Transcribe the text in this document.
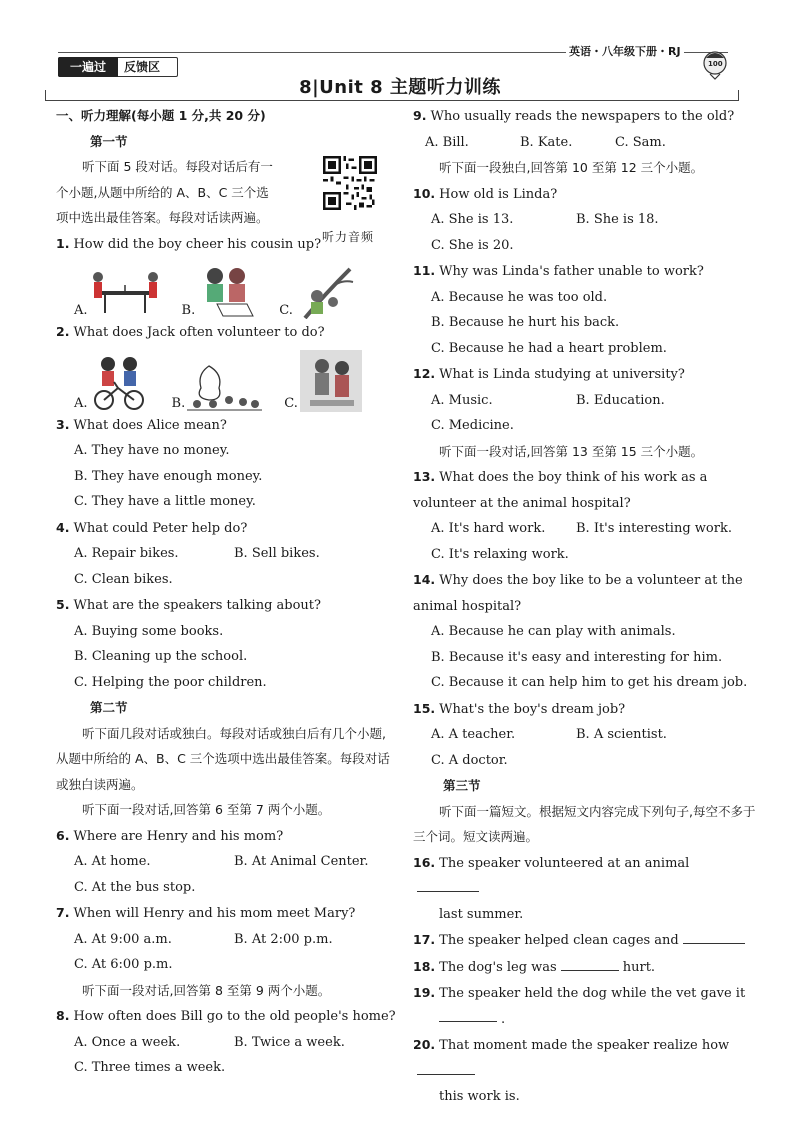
一遍过	反馈区
英语・八年级下册・RJ
100
8|Unit 8 主题听力训练
一、听力理解(每小题 1 分,共 20 分)
第一节
听下面 5 段对话。每段对话后有一个小题,从题中所给的 A、B、C 三个选项中选出最佳答案。每段对话读两遍。
听力音频
1. How did the boy cheer his cousin up?
A.	B.	C.
2. What does Jack often volunteer to do?
A.	B.	C.
3. What does Alice mean?
A. They have no money.
B. They have enough money.
C. They have a little money.
4. What could Peter help do?
A. Repair bikes.	B. Sell bikes.
C. Clean bikes.
5. What are the speakers talking about?
A. Buying some books.
B. Cleaning up the school.
C. Helping the poor children.
第二节
听下面几段对话或独白。每段对话或独白后有几个小题,从题中所给的 A、B、C 三个选项中选出最佳答案。每段对话或独白读两遍。
听下面一段对话,回答第 6 至第 7 两个小题。
6. Where are Henry and his mom?
A. At home.	B. At Animal Center.
C. At the bus stop.
7. When will Henry and his mom meet Mary?
A. At 9:00 a.m.	B. At 2:00 p.m.
C. At 6:00 p.m.
听下面一段对话,回答第 8 至第 9 两个小题。
8. How often does Bill go to the old people's home?
A. Once a week.	B. Twice a week.
C. Three times a week.
9. Who usually reads the newspapers to the old?
A. Bill.	B. Kate.	C. Sam.
听下面一段独白,回答第 10 至第 12 三个小题。
10. How old is Linda?
A. She is 13.	B. She is 18.
C. She is 20.
11. Why was Linda's father unable to work?
A. Because he was too old.
B. Because he hurt his back.
C. Because he had a heart problem.
12. What is Linda studying at university?
A. Music.	B. Education.
C. Medicine.
听下面一段对话,回答第 13 至第 15 三个小题。
13. What does the boy think of his work as a volunteer at the animal hospital?
A. It's hard work.	B. It's interesting work.
C. It's relaxing work.
14. Why does the boy like to be a volunteer at the animal hospital?
A. Because he can play with animals.
B. Because it's easy and interesting for him.
C. Because it can help him to get his dream job.
15. What's the boy's dream job?
A. A teacher.	B. A scientist.
C. A doctor.
第三节
听下面一篇短文。根据短文内容完成下列句子,每空不多于三个词。短文读两遍。
16. The speaker volunteered at an animal
last summer.
17. The speaker helped clean cages and
18. The dog's leg was	hurt.
19. The speaker held the dog while the vet gave it
.
20. That moment made the speaker realize how
this work is.
